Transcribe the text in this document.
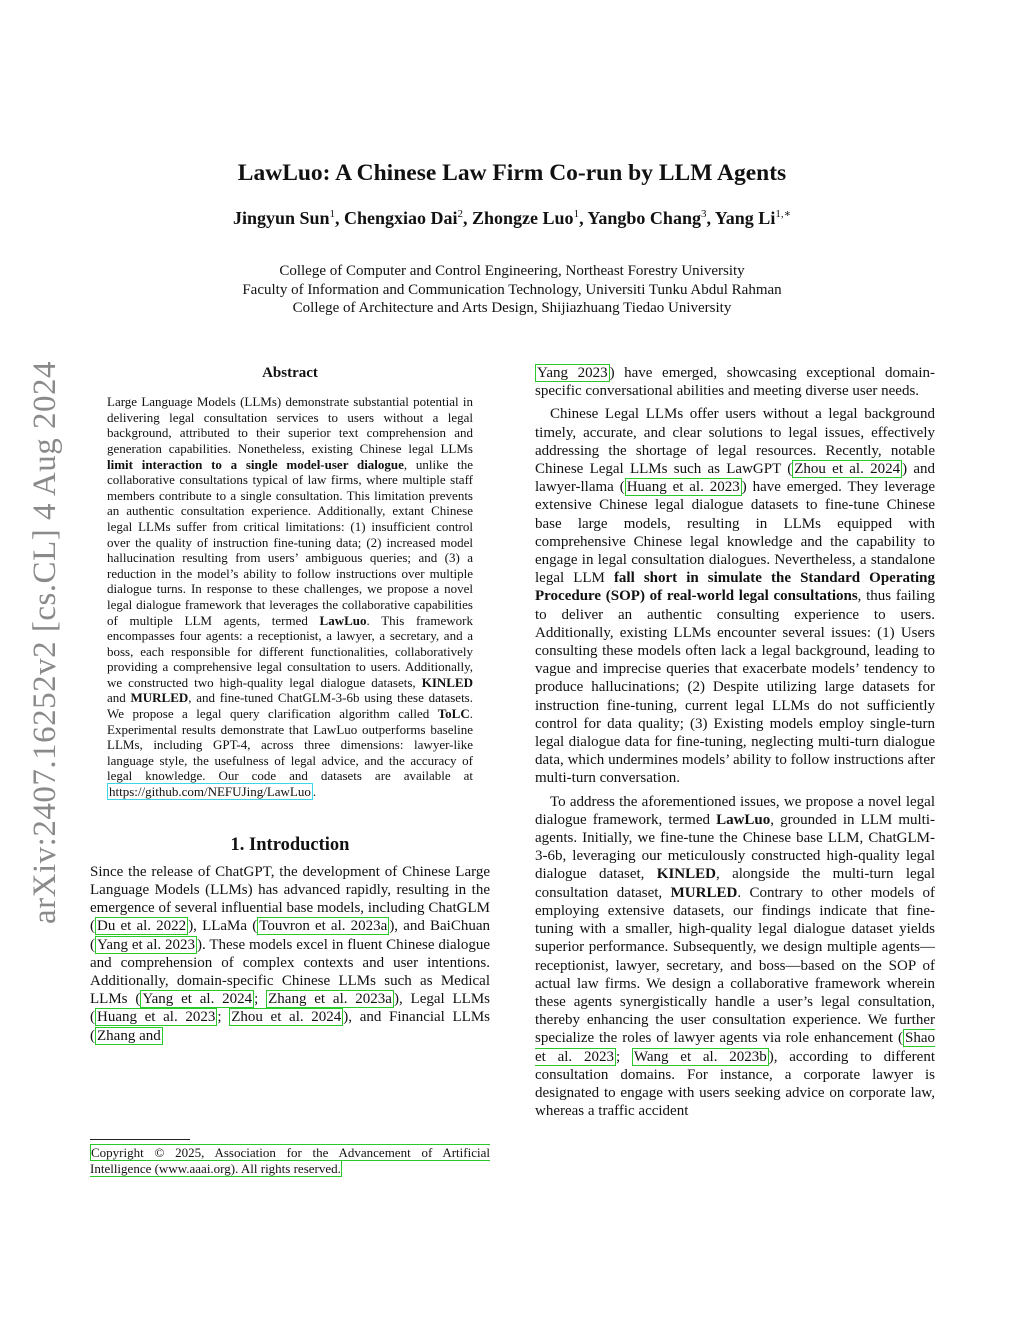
arXiv:2407.16252v2 [cs.CL] 4 Aug 2024
LawLuo: A Chinese Law Firm Co-run by LLM Agents
Jingyun Sun$^1$, Chengxiao Dai$^2$, Zhongze Luo$^1$, Yangbo Chang$^3$, Yang $Li^{1,∗}$
College of Computer and Control Engineering, Northeast Forestry University
Faculty of Information and Communication Technology, Universiti Tunku Abdul Rahman
College of Architecture and Arts Design, Shijiazhuang Tiedao University
Abstract
Large Language Models (LLMs) demonstrate substantial potential in delivering legal consultation services to users without a legal background, attributed to their superior text comprehension and generation capabilities. Nonetheless, existing Chinese legal LLMs limit interaction to a single model-user dialogue, unlike the collaborative consultations typical of law firms, where multiple staff members contribute to a single consultation. This limitation prevents an authentic consultation experience. Additionally, extant Chinese legal LLMs suffer from critical limitations: (1) insufficient control over the quality of instruction fine-tuning data; (2) increased model hallucination resulting from users’ ambiguous queries; and (3) a reduction in the model’s ability to follow instructions over multiple dialogue turns. In response to these challenges, we propose a novel legal dialogue framework that leverages the collaborative capabilities of multiple LLM agents, termed LawLuo. This framework encompasses four agents: a receptionist, a lawyer, a secretary, and a boss, each responsible for different functionalities, collaboratively providing a comprehensive legal consultation to users. Additionally, we constructed two high-quality legal dialogue datasets, KINLED and MURLED, and fine-tuned ChatGLM-3-6b using these datasets. We propose a legal query clarification algorithm called ToLC. Experimental results demonstrate that LawLuo outperforms baseline LLMs, including GPT-4, across three dimensions: lawyer-like language style, the usefulness of legal advice, and the accuracy of legal knowledge. Our code and datasets are available at https://github.com/NEFUJing/LawLuo .
1. Introduction

Since the release of ChatGPT, the development of Chinese Large Language Models (LLMs) has advanced rapidly, resulting in the emergence of several influential base models, including ChatGLM ( Du et al. 2022 ), LLaMa ( Touvron et al. 2023a ), and BaiChuan ( Yang et al. 2023 ). These models excel in fluent Chinese dialogue and comprehension of complex contexts and user intentions. Additionally, domain-specific Chinese LLMs such as Medical LLMs ( Yang et al. 2024 ; Zhang et al. 2023a ), Legal LLMs ( Huang et al. 2023 ; Zhou et al. 2024 ), and Financial LLMs ( Zhang and

Copyright © 2025, Association for the Advancement of Artificial Intelligence (www.aaai.org). All rights reserved.

Yang 2023 ) have emerged, showcasing exceptional domain-specific conversational abilities and meeting diverse user needs.

Chinese Legal LLMs offer users without a legal background timely, accurate, and clear solutions to legal issues, effectively addressing the shortage of legal resources. Recently, notable Chinese Legal LLMs such as LawGPT ( Zhou et al. 2024 ) and lawyer-llama ( Huang et al. 2023 ) have emerged. They leverage extensive Chinese legal dialogue datasets to fine-tune Chinese base large models, resulting in LLMs equipped with comprehensive Chinese legal knowledge and the capability to engage in legal consultation dialogues. Nevertheless, a standalone legal LLM fall short in simulate the Standard Operating Procedure (SOP) of real-world legal consultations, thus failing to deliver an authentic consulting experience to users. Additionally, existing LLMs encounter several issues: (1) Users consulting these models often lack a legal background, leading to vague and imprecise queries that exacerbate models’ tendency to produce hallucinations; (2) Despite utilizing large datasets for instruction fine-tuning, current legal LLMs do not sufficiently control for data quality; (3) Existing models employ single-turn legal dialogue data for fine-tuning, neglecting multi-turn dialogue data, which undermines models’ ability to follow instructions after multi-turn conversation.

To address the aforementioned issues, we propose a novel legal dialogue framework, termed LawLuo, grounded in LLM multi-agents. Initially, we fine-tune the Chinese base LLM, ChatGLM-3-6b, leveraging our meticulously constructed high-quality legal dialogue dataset, KINLED, alongside the multi-turn legal consultation dataset, MURLED. Contrary to other models of employing extensive datasets, our findings indicate that fine-tuning with a smaller, high-quality legal dialogue dataset yields superior performance. Subsequently, we design multiple agents—receptionist, lawyer, secretary, and boss—based on the SOP of actual law firms. We design a collaborative framework wherein these agents synergistically handle a user’s legal consultation, thereby enhancing the user consultation experience. We further specialize the roles of lawyer agents via role enhancement ( Shao et al. 2023 ; Wang et al. 2023b ), according to different consultation domains. For instance, a corporate lawyer is designated to engage with users seeking advice on corporate law, whereas a traffic accident
